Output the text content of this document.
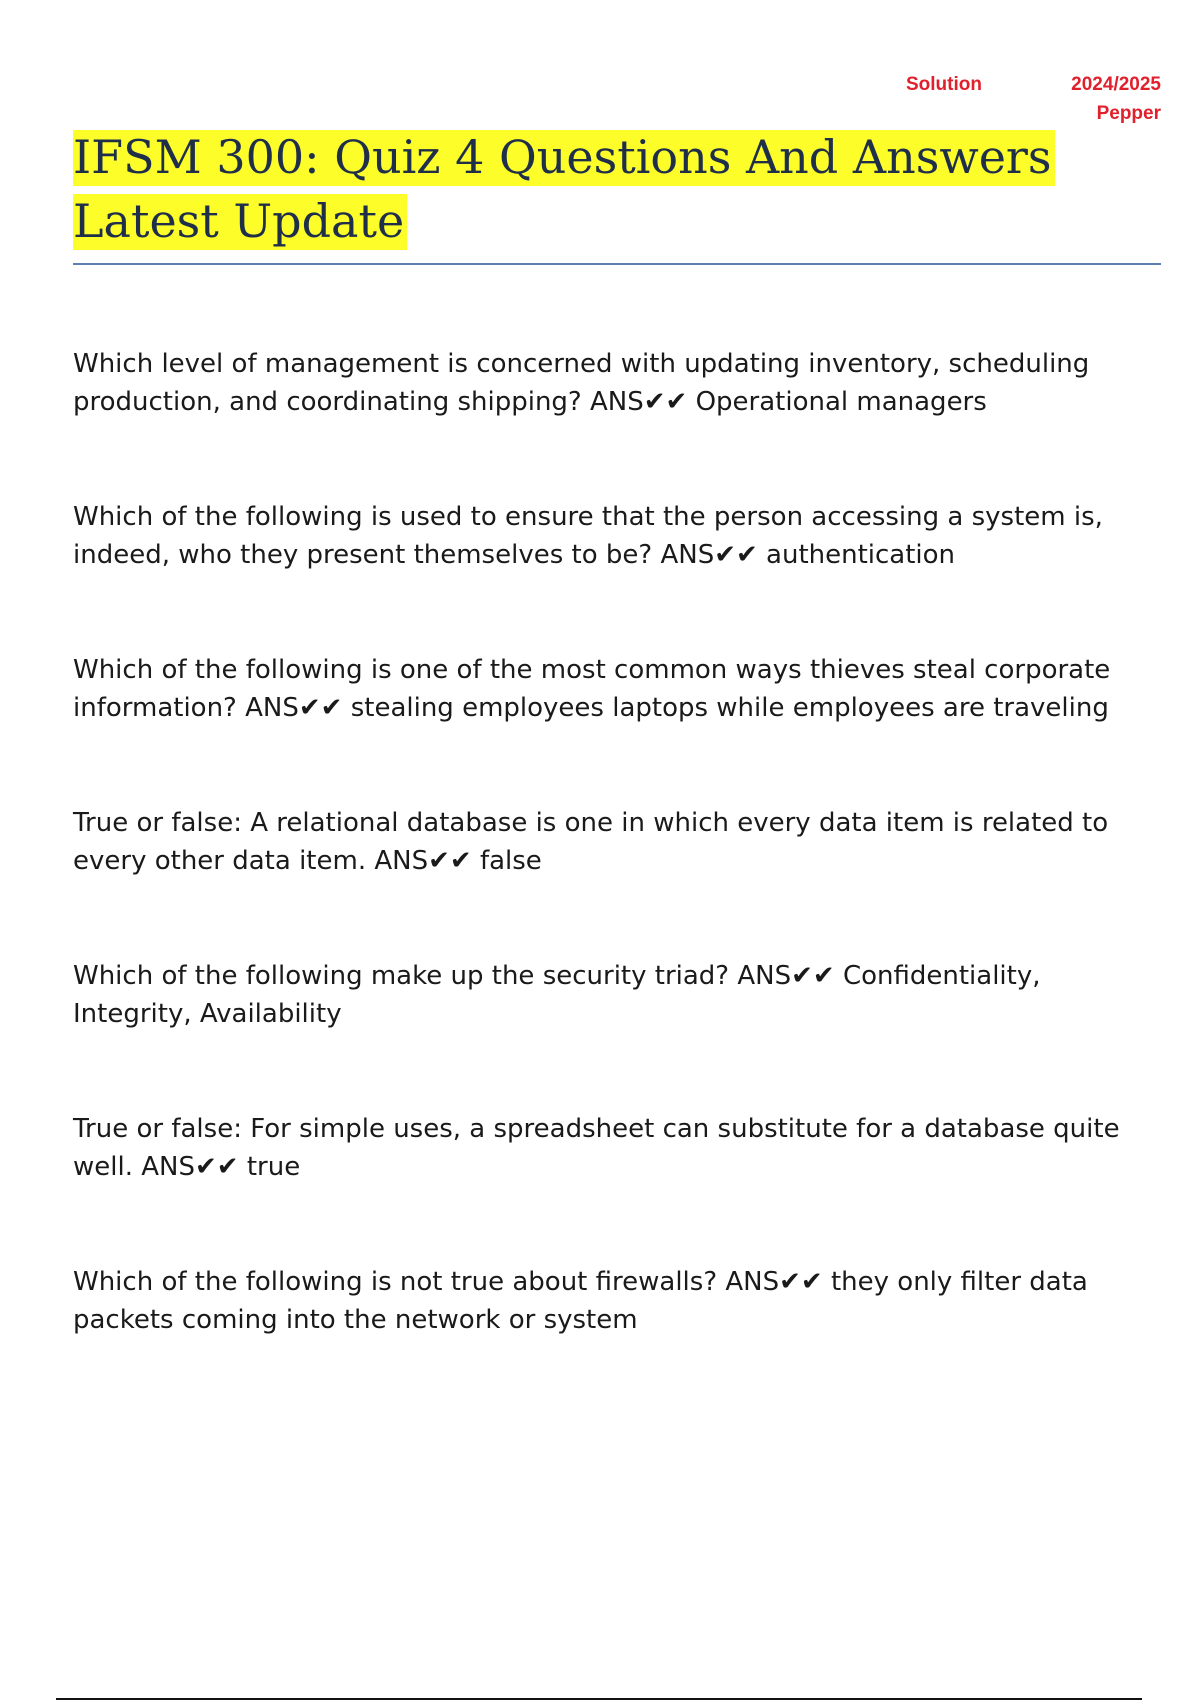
Solution	2024/2025
Pepper
IFSM 300: Quiz 4 Questions And Answers
Latest Update

Which level of management is concerned with updating inventory, scheduling production, and coordinating shipping? ANS✔✔ Operational managers

Which of the following is used to ensure that the person accessing a system is, indeed, who they present themselves to be? ANS✔✔ authentication

Which of the following is one of the most common ways thieves steal corporate information? ANS✔✔ stealing employees laptops while employees are traveling

True or false: A relational database is one in which every data item is related to every other data item. ANS✔✔ false

Which of the following make up the security triad? ANS✔✔ Confidentiality, Integrity, Availability

True or false: For simple uses, a spreadsheet can substitute for a database quite well. ANS✔✔ true

Which of the following is not true about firewalls? ANS✔✔ they only filter data packets coming into the network or system
